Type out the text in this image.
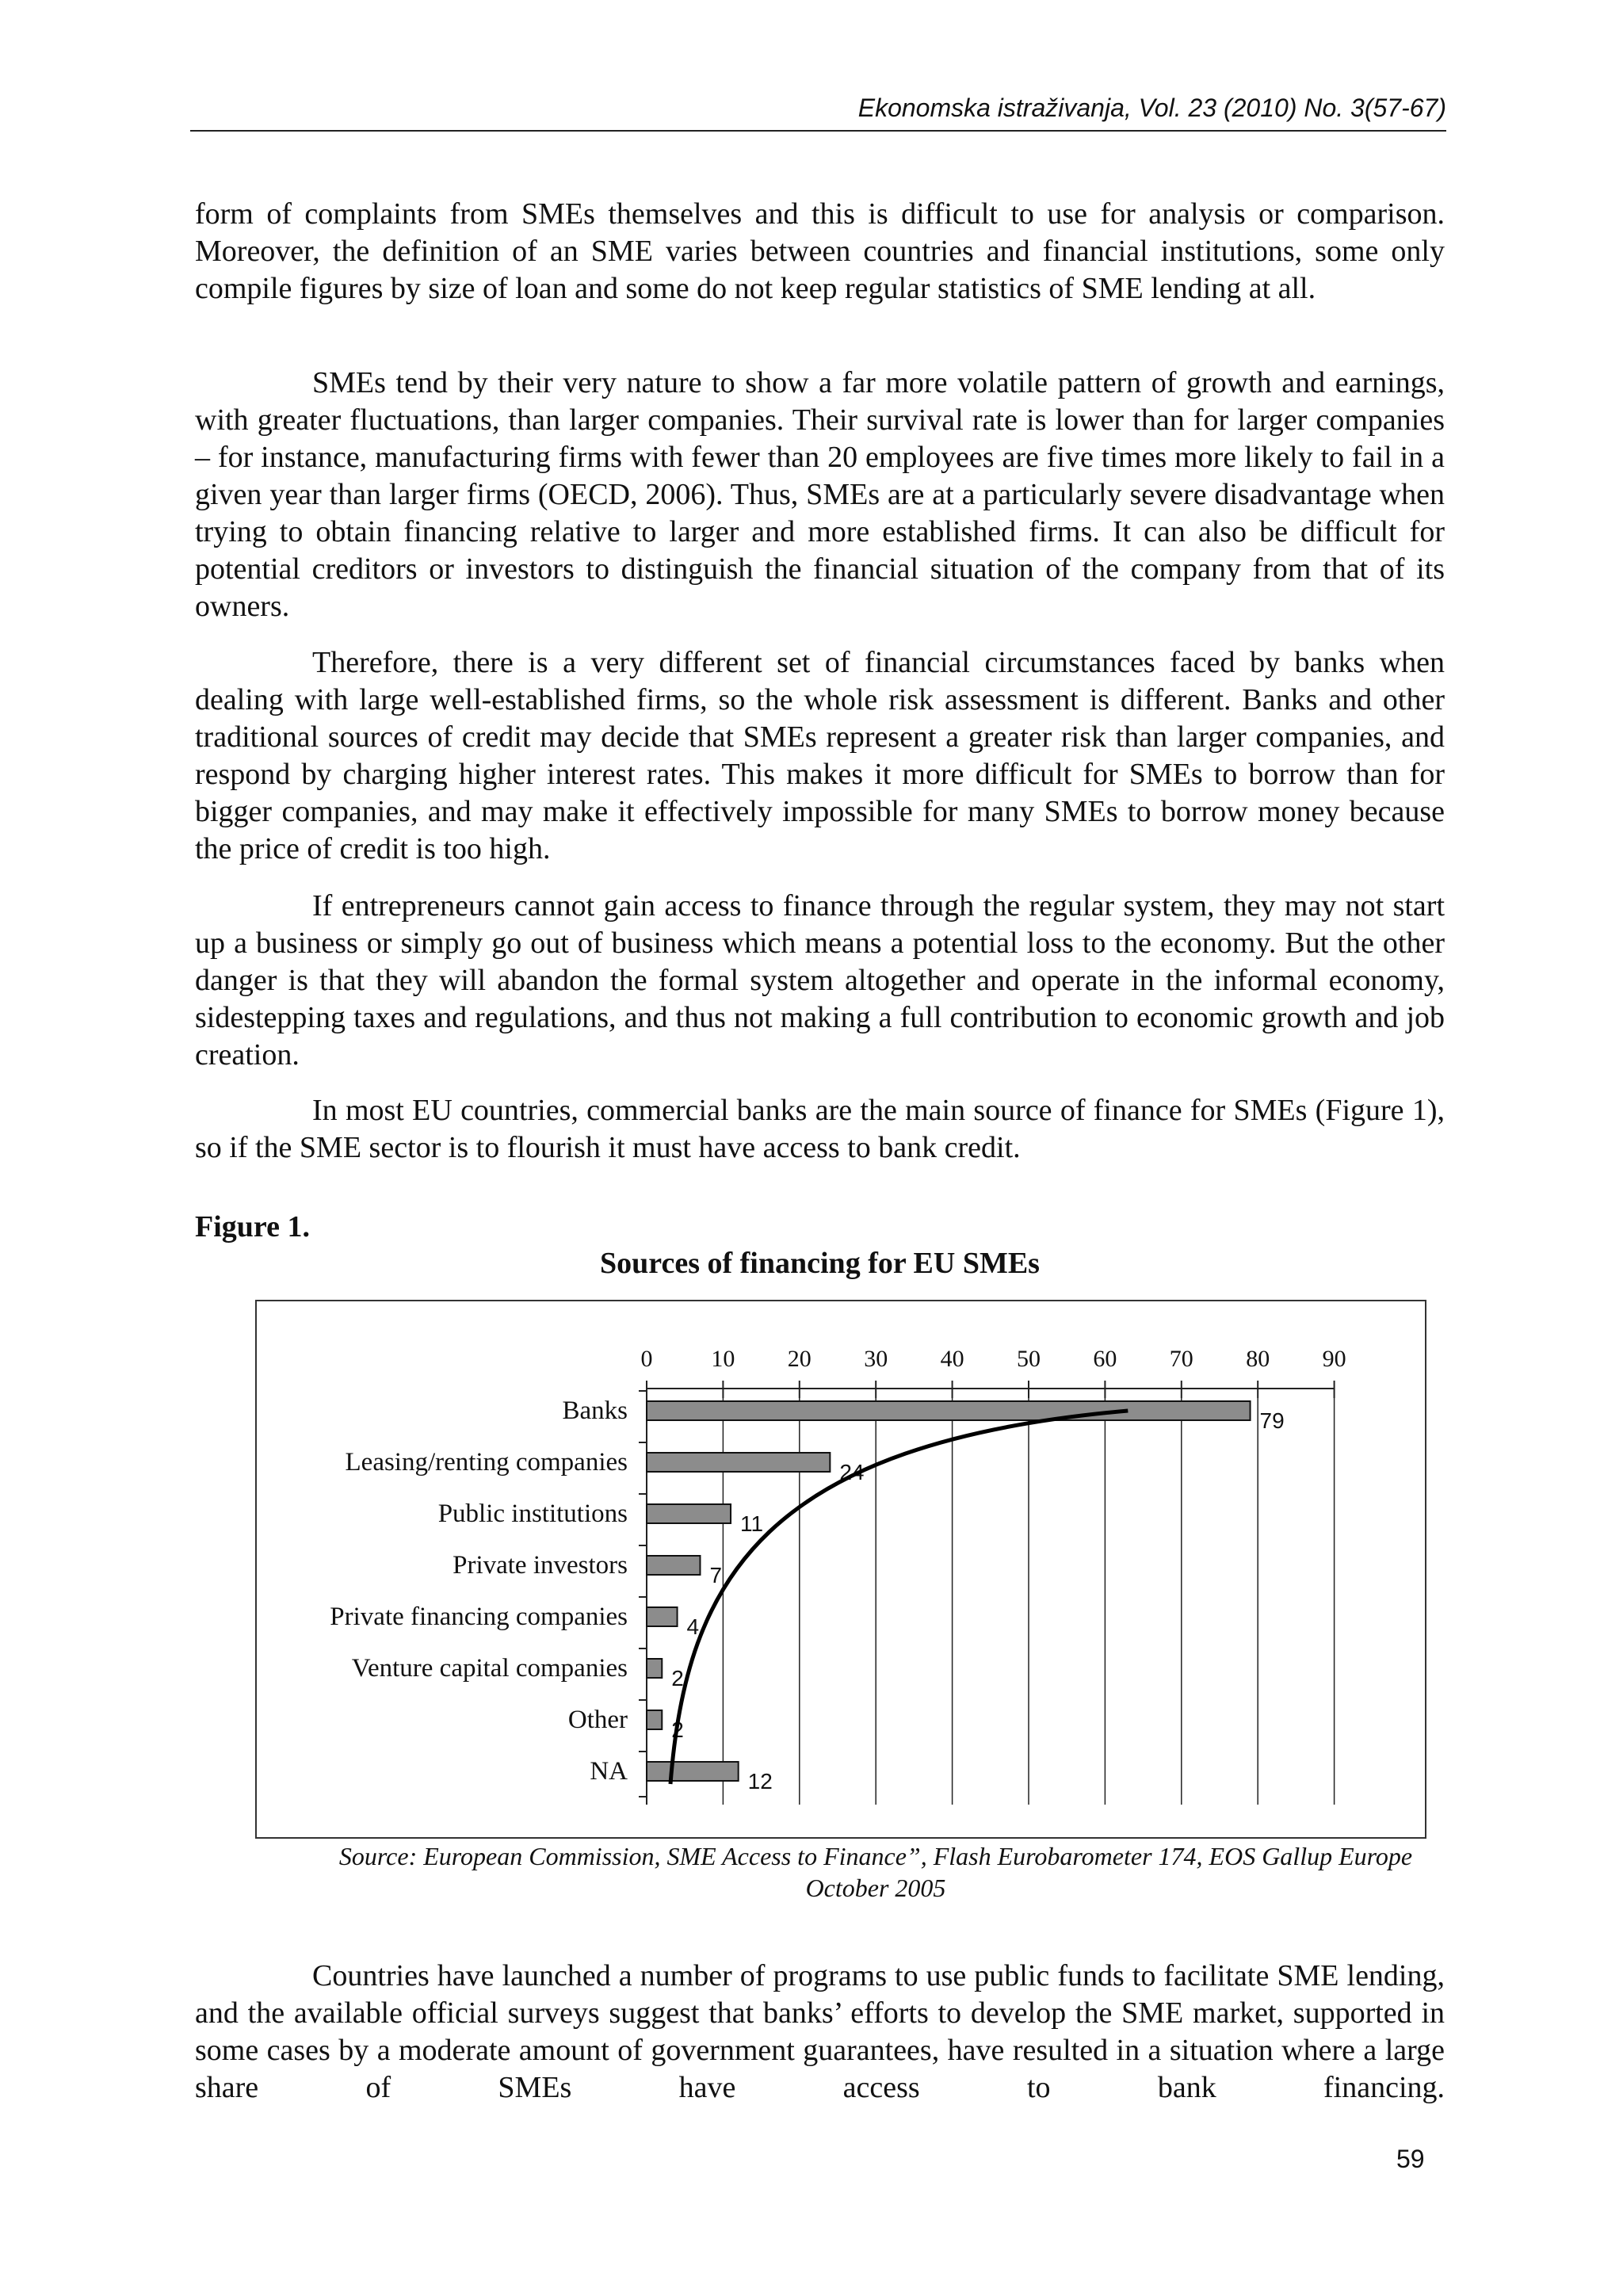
Ekonomska istraživanja, Vol. 23 (2010) No. 3(57-67)

form of complaints from SMEs themselves and this is difficult to use for analysis or comparison. Moreover, the definition of an SME varies between countries and financial institutions, some only compile figures by size of loan and some do not keep regular statistics of SME lending at all.

SMEs tend by their very nature to show a far more volatile pattern of growth and earnings, with greater fluctuations, than larger companies. Their survival rate is lower than for larger companies – for instance, manufacturing firms with fewer than 20 employees are five times more likely to fail in a given year than larger firms (OECD, 2006). Thus, SMEs are at a particularly severe disadvantage when trying to obtain financing relative to larger and more established firms. It can also be difficult for potential creditors or investors to distinguish the financial situation of the company from that of its owners.

Therefore, there is a very different set of financial circumstances faced by banks when dealing with large well-established firms, so the whole risk assessment is different. Banks and other traditional sources of credit may decide that SMEs represent a greater risk than larger companies, and respond by charging higher interest rates. This makes it more difficult for SMEs to borrow than for bigger companies, and may make it effectively impossible for many SMEs to borrow money because the price of credit is too high.

If entrepreneurs cannot gain access to finance through the regular system, they may not start up a business or simply go out of business which means a potential loss to the economy. But the other danger is that they will abandon the formal system altogether and operate in the informal economy, sidestepping taxes and regulations, and thus not making a full contribution to economic growth and job creation.

In most EU countries, commercial banks are the main source of finance for SMEs (Figure 1), so if the SME sector is to flourish it must have access to bank credit.

Figure 1.
Sources of financing for EU SMEs
0 10 20 30 40 50 60 70 80 90
Banks	79
Leasing/renting companies	24
Public institutions	11
Private investors	7
Private financing companies	4
Venture capital companies 2
Other 2
NA	12
Source: European Commission, SME Access to Finance”, Flash Eurobarometer 174, EOS Gallup Europe October 2005

Countries have launched a number of programs to use public funds to facilitate SME lending, and the available official surveys suggest that banks’ efforts to develop the SME market, supported in some cases by a moderate amount of government guarantees, have resulted in a situation where a large share of SMEs have access to bank financing.

59
